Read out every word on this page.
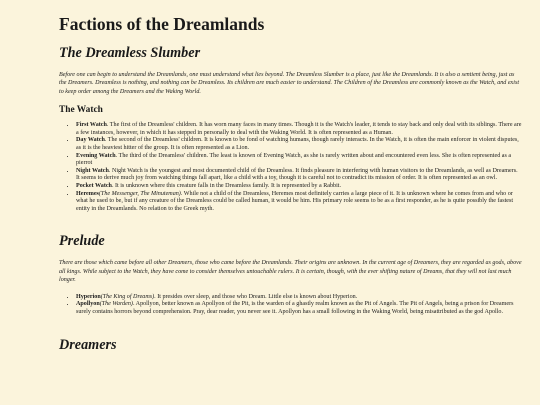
Factions of the Dreamlands
The Dreamless Slumber

Before one can begin to understand the Dreamlands, one must understand what lies beyond. The Dreamless Slumber is a place, just like the Dreamlands. It is also a sentient being, just as the Dreamers. Dreamless is nothing, and nothing can be Dreamless. Its children are much easier to understand. The Children of the Dreamless are commonly known as the Watch, and exist to keep order among the Dreamers and the Waking World.

The Watch
• First Watch. The first of the Dreamless' children. It has worn many faces in many times. Though it is the Watch's leader, it tends to stay back and only deal with its siblings. There are a few instances, however, in which it has stepped in personally to deal with the Waking World. It is often represented as a Human.
• Day Watch. The second of the Dreamless' children. It is known to be fond of watching humans, though rarely interacts. In the Watch, it is often the main enforcer in violent disputes, as it is the heaviest hitter of the group. It is often represented as a Lion.
• Evening Watch. The third of the Dreamless' children. The least is known of Evening Watch, as she is rarely written about and encountered even less. She is often represented as a pierrot
• Night Watch. Night Watch is the youngest and most documented child of the Dreamless. It finds pleasure in interfering with human visitors to the Dreamlands, as well as Dreamers. It seems to derive much joy from watching things fall apart, like a child with a toy, though it is careful not to contradict its mission of order. It is often represented as an owl.
• Pocket Watch. It is unknown where this creature falls in the Dreamless family. It is represented by a Rabbit.
• Heremes(The Messenger, The Minuteman). While not a child of the Dreamless, Heremes most definitely carries a large piece of it. It is unknown where he comes from and who or what he used to be, but if any creature of the Dreamless could be called human, it would be him. His primary role seems to be as a first responder, as he is quite possibly the fastest entity in the Dreamlands. No relation to the Greek myth.
Prelude

There are those which came before all other Dreamers, those who came before the Dreamlands. Their origins are unknown. In the current age of Dreamers, they are regarded as gods, above all kings. While subject to the Watch, they have come to consider themselves untouchable rulers. It is certain, though, with the ever shifting nature of Dreams, that they will not last much longer.

• Hyperion(The King of Dreams). It presides over sleep, and those who Dream. Little else is known about Hyperion.
• Apollyon(The Warden). Apollyon, better known as Apollyon of the Pit, is the warden of a ghastly realm known as the Pit of Angels. The Pit of Angels, being a prison for Dreamers surely contains horrors beyond comprehension. Pray, dear reader, you never see it. Apollyon has a small following in the Waking World, being misattributed as the god Apollo.
Dreamers
